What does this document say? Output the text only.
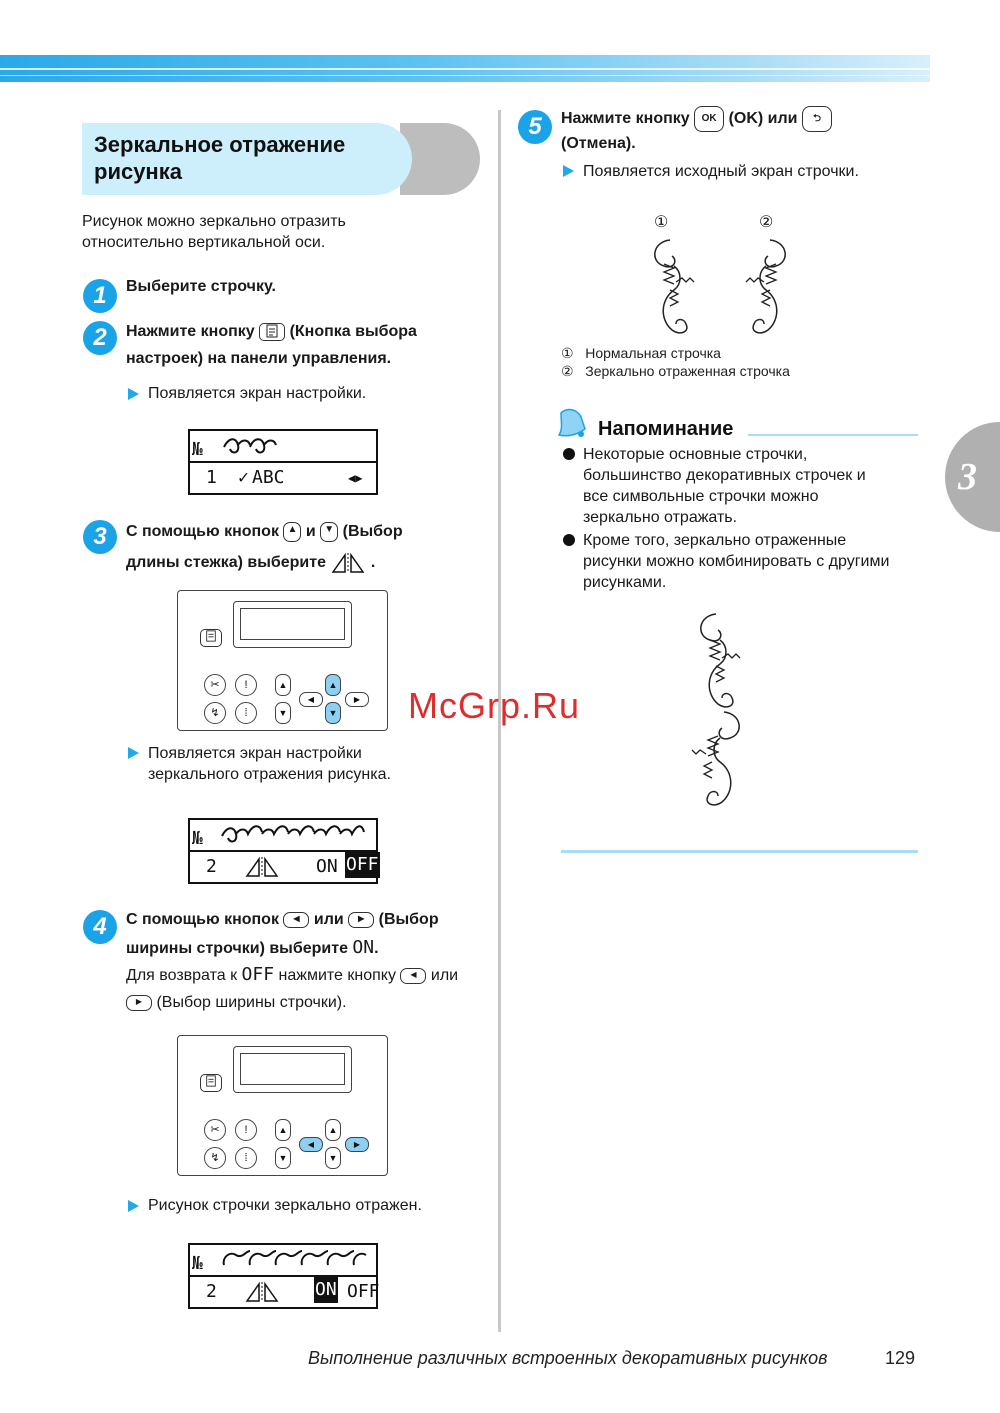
Зеркальное отражение
рисунка
Рисунок можно зеркально отразить
относительно вертикальной оси.
1	Выберите строчку.
2	Нажмите кнопку (Кнопка выбора
настроек) на панели управления.
Появляется экран настройки.
№
1 ✓ ABC	◀▶
3	С помощью кнопок ▲ и ▼ (Выбор
длины стежка) выберите	.
✂	!
↯	⁞
▲
▼
◀
▲
▼
▶
Появляется экран настройки
зеркального отражения рисунка.
№
2	ON OFF
4	С помощью кнопок ◀ или ▶ (Выбор
ширины строчки) выберите ON.
Для возврата к OFF нажмите кнопку ◀ или
▶ (Выбор ширины строчки).
✂	!
↯	⁞
▲
▼
◀
▲
▼
▶
Рисунок строчки зеркально отражен.
№
2	ON OFF
5	Нажмите кнопку OK (OK) или ⮌
(Отмена).
Появляется исходный экран строчки.
①	②
① Нормальная строчка
② Зеркально отраженная строчка
Напоминание
Некоторые основные строчки,
большинство декоративных строчек и
все символьные строчки можно
зеркально отражать.
Кроме того, зеркально отраженные
рисунки можно комбинировать с другими
рисунками.
3
McGrp.Ru
Выполнение различных встроенных декоративных рисунков	129
